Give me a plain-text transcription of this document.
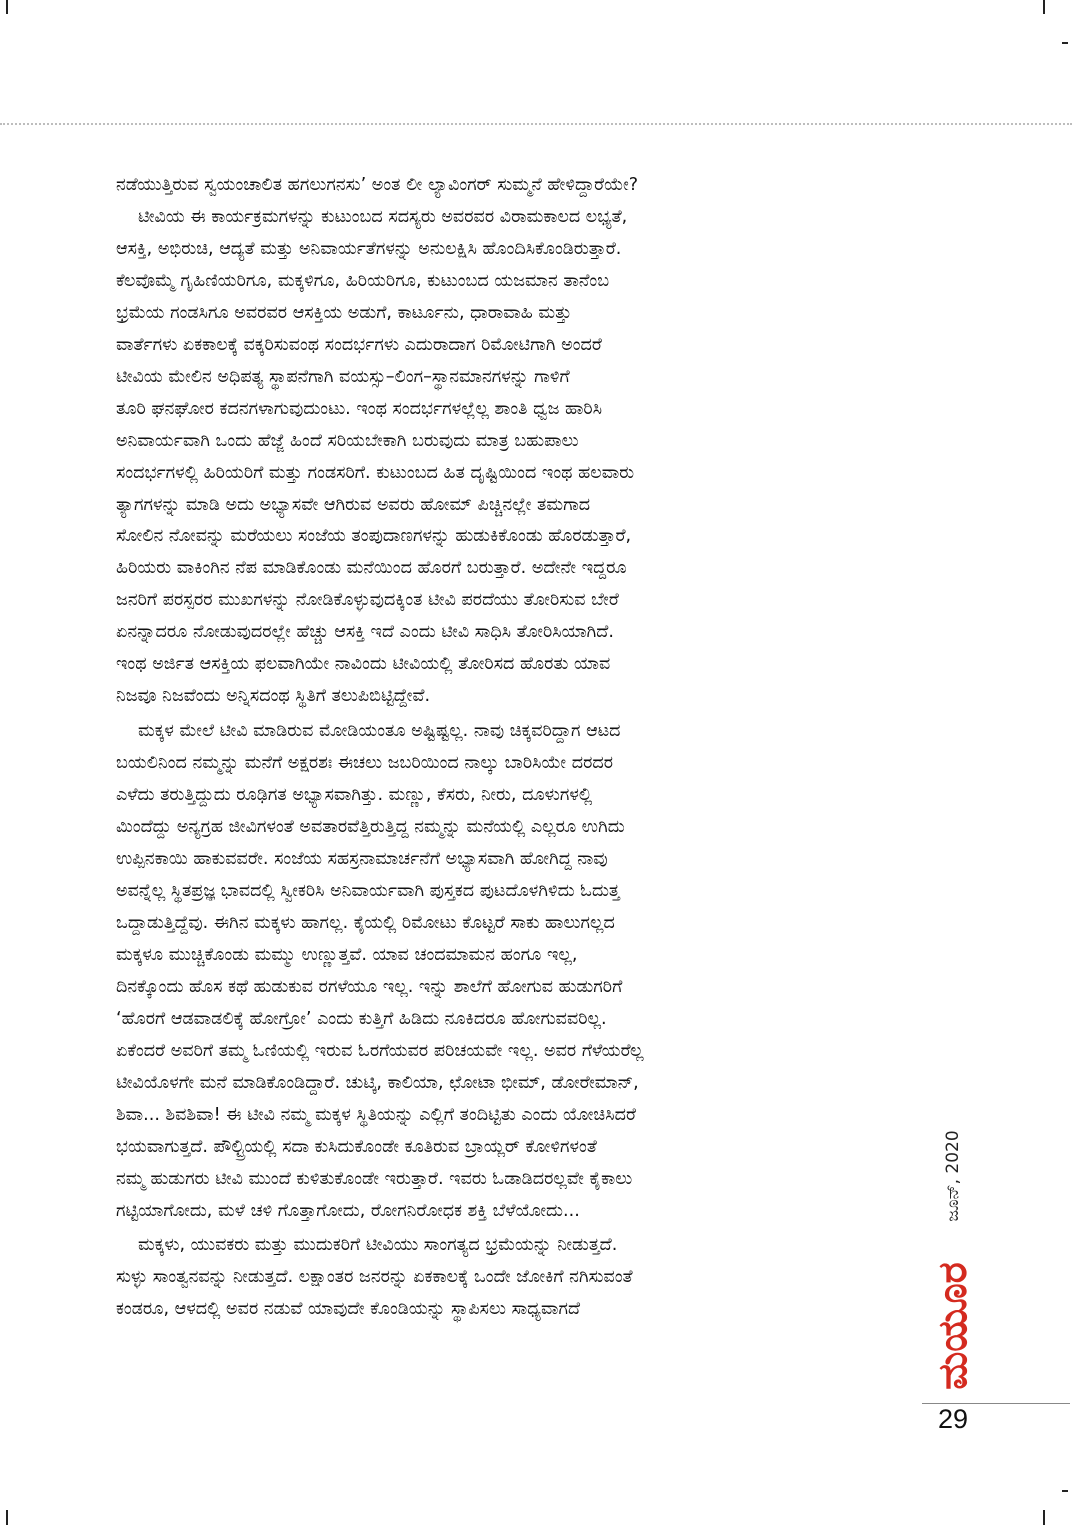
ನಡೆಯುತ್ತಿರುವ ಸ್ವಯಂಚಾಲಿತ ಹಗಲುಗನಸು’ ಅಂತ ಲೀ ಲ್ಯಾವಿಂಗರ್ ಸುಮ್ಮನೆ ಹೇಳಿದ್ದಾರೆಯೇ?
ಟೀವಿಯ ಈ ಕಾರ್ಯಕ್ರಮಗಳನ್ನು ಕುಟುಂಬದ ಸದಸ್ಯರು ಅವರವರ ವಿರಾಮಕಾಲದ ಲಭ್ಯತೆ,
ಆಸಕ್ತಿ, ಅಭಿರುಚಿ, ಆದ್ಯತೆ ಮತ್ತು ಅನಿವಾರ್ಯತೆಗಳನ್ನು ಅನುಲಕ್ಷಿಸಿ ಹೊಂದಿಸಿಕೊಂಡಿರುತ್ತಾರೆ.
ಕೆಲವೊಮ್ಮೆ ಗೃಹಿಣಿಯರಿಗೂ, ಮಕ್ಕಳಿಗೂ, ಹಿರಿಯರಿಗೂ, ಕುಟುಂಬದ ಯಜಮಾನ ತಾನೆಂಬ
ಭ್ರಮೆಯ ಗಂಡಸಿಗೂ ಅವರವರ ಆಸಕ್ತಿಯ ಅಡುಗೆ, ಕಾರ್ಟೂನು, ಧಾರಾವಾಹಿ ಮತ್ತು
ವಾರ್ತೆಗಳು ಏಕಕಾಲಕ್ಕೆ ವಕ್ಕರಿಸುವಂಥ ಸಂದರ್ಭಗಳು ಎದುರಾದಾಗ ರಿಮೋಟಿಗಾಗಿ ಅಂದರೆ
ಟೀವಿಯ ಮೇಲಿನ ಅಧಿಪತ್ಯ ಸ್ಥಾಪನೆಗಾಗಿ ವಯಸ್ಸು–ಲಿಂಗ–ಸ್ಥಾನಮಾನಗಳನ್ನು ಗಾಳಿಗೆ
ತೂರಿ ಘನಘೋರ ಕದನಗಳಾಗುವುದುಂಟು. ಇಂಥ ಸಂದರ್ಭಗಳಲ್ಲೆಲ್ಲ ಶಾಂತಿ ಧ್ವಜ ಹಾರಿಸಿ
ಅನಿವಾರ್ಯವಾಗಿ ಒಂದು ಹೆಜ್ಜೆ ಹಿಂದೆ ಸರಿಯಬೇಕಾಗಿ ಬರುವುದು ಮಾತ್ರ ಬಹುಪಾಲು
ಸಂದರ್ಭಗಳಲ್ಲಿ ಹಿರಿಯರಿಗೆ ಮತ್ತು ಗಂಡಸರಿಗೆ. ಕುಟುಂಬದ ಹಿತ ದೃಷ್ಟಿಯಿಂದ ಇಂಥ ಹಲವಾರು
ತ್ಯಾಗಗಳನ್ನು ಮಾಡಿ ಅದು ಅಭ್ಯಾಸವೇ ಆಗಿರುವ ಅವರು ಹೋಮ್ ಪಿಚ್ಚಿನಲ್ಲೇ ತಮಗಾದ
ಸೋಲಿನ ನೋವನ್ನು ಮರೆಯಲು ಸಂಜೆಯ ತಂಪುದಾಣಗಳನ್ನು ಹುಡುಕಿಕೊಂಡು ಹೊರಡುತ್ತಾರೆ,
ಹಿರಿಯರು ವಾಕಿಂಗಿನ ನೆಪ ಮಾಡಿಕೊಂಡು ಮನೆಯಿಂದ ಹೊರಗೆ ಬರುತ್ತಾರೆ. ಅದೇನೇ ಇದ್ದರೂ
ಜನರಿಗೆ ಪರಸ್ಪರರ ಮುಖಗಳನ್ನು ನೋಡಿಕೊಳ್ಳುವುದಕ್ಕಿಂತ ಟೀವಿ ಪರದೆಯು ತೋರಿಸುವ ಬೇರೆ
ಏನನ್ನಾದರೂ ನೋಡುವುದರಲ್ಲೇ ಹೆಚ್ಚು ಆಸಕ್ತಿ ಇದೆ ಎಂದು ಟೀವಿ ಸಾಧಿಸಿ ತೋರಿಸಿಯಾಗಿದೆ.
ಇಂಥ ಅರ್ಜಿತ ಆಸಕ್ತಿಯ ಫಲವಾಗಿಯೇ ನಾವಿಂದು ಟೀವಿಯಲ್ಲಿ ತೋರಿಸದ ಹೊರತು ಯಾವ
ನಿಜವೂ ನಿಜವೆಂದು ಅನ್ನಿಸದಂಥ ಸ್ಥಿತಿಗೆ ತಲುಪಿಬಿಟ್ಟಿದ್ದೇವೆ.
ಮಕ್ಕಳ ಮೇಲೆ ಟೀವಿ ಮಾಡಿರುವ ಮೋಡಿಯಂತೂ ಅಷ್ಟಿಷ್ಟಲ್ಲ. ನಾವು ಚಿಕ್ಕವರಿದ್ದಾಗ ಆಟದ
ಬಯಲಿನಿಂದ ನಮ್ಮನ್ನು ಮನೆಗೆ ಅಕ್ಷರಶಃ ಈಚಲು ಜಬರಿಯಿಂದ ನಾಲ್ಕು ಬಾರಿಸಿಯೇ ದರದರ
ಎಳೆದು ತರುತ್ತಿದ್ದುದು ರೂಢಿಗತ ಅಭ್ಯಾಸವಾಗಿತ್ತು. ಮಣ್ಣು, ಕೆಸರು, ನೀರು, ದೂಳುಗಳಲ್ಲಿ
ಮಿಂದೆದ್ದು ಅನ್ಯಗ್ರಹ ಜೀವಿಗಳಂತೆ ಅವತಾರವೆತ್ತಿರುತ್ತಿದ್ದ ನಮ್ಮನ್ನು ಮನೆಯಲ್ಲಿ ಎಲ್ಲರೂ ಉಗಿದು
ಉಪ್ಪಿನಕಾಯಿ ಹಾಕುವವರೇ. ಸಂಜೆಯ ಸಹಸ್ರನಾಮಾರ್ಚನೆಗೆ ಅಭ್ಯಾಸವಾಗಿ ಹೋಗಿದ್ದ ನಾವು
ಅವನ್ನೆಲ್ಲ ಸ್ಥಿತಪ್ರಜ್ಞ ಭಾವದಲ್ಲಿ ಸ್ವೀಕರಿಸಿ ಅನಿವಾರ್ಯವಾಗಿ ಪುಸ್ತಕದ ಪುಟದೊಳಗಿಳಿದು ಓದುತ್ತ
ಒದ್ದಾಡುತ್ತಿದ್ದೆವು. ಈಗಿನ ಮಕ್ಕಳು ಹಾಗಲ್ಲ. ಕೈಯಲ್ಲಿ ರಿಮೋಟು ಕೊಟ್ಟರೆ ಸಾಕು ಹಾಲುಗಲ್ಲದ
ಮಕ್ಕಳೂ ಮುಚ್ಚಿಕೊಂಡು ಮಮ್ಮು ಉಣ್ಣುತ್ತವೆ. ಯಾವ ಚಂದಮಾಮನ ಹಂಗೂ ಇಲ್ಲ,
ದಿನಕ್ಕೊಂದು ಹೊಸ ಕಥೆ ಹುಡುಕುವ ರಗಳೆಯೂ ಇಲ್ಲ. ಇನ್ನು ಶಾಲೆಗೆ ಹೋಗುವ ಹುಡುಗರಿಗೆ
‘ಹೊರಗೆ ಆಡವಾಡಲಿಕ್ಕೆ ಹೋಗ್ರೋ’ ಎಂದು ಕುತ್ತಿಗೆ ಹಿಡಿದು ನೂಕಿದರೂ ಹೋಗುವವರಿಲ್ಲ.
ಏಕೆಂದರೆ ಅವರಿಗೆ ತಮ್ಮ ಓಣಿಯಲ್ಲಿ ಇರುವ ಓರಗೆಯವರ ಪರಿಚಯವೇ ಇಲ್ಲ. ಅವರ ಗೆಳೆಯರೆಲ್ಲ
ಟೀವಿಯೊಳಗೇ ಮನೆ ಮಾಡಿಕೊಂಡಿದ್ದಾರೆ. ಚುಟ್ಕಿ, ಕಾಲಿಯಾ, ಛೋಟಾ ಭೀಮ್, ಡೋರೇಮಾನ್,
ಶಿವಾ... ಶಿವಶಿವಾ! ಈ ಟೀವಿ ನಮ್ಮ ಮಕ್ಕಳ ಸ್ಥಿತಿಯನ್ನು ಎಲ್ಲಿಗೆ ತಂದಿಟ್ಟಿತು ಎಂದು ಯೋಚಿಸಿದರೆ
ಭಯವಾಗುತ್ತದೆ. ಪೌಲ್ಟ್ರಿಯಲ್ಲಿ ಸದಾ ಕುಸಿದುಕೊಂಡೇ ಕೂತಿರುವ ಬ್ರಾಯ್ಲರ್ ಕೋಳಿಗಳಂತೆ
ನಮ್ಮ ಹುಡುಗರು ಟೀವಿ ಮುಂದೆ ಕುಳಿತುಕೊಂಡೇ ಇರುತ್ತಾರೆ. ಇವರು ಓಡಾಡಿದರಲ್ಲವೇ ಕೈಕಾಲು
ಗಟ್ಟಿಯಾಗೋದು, ಮಳೆ ಚಳಿ ಗೊತ್ತಾಗೋದು, ರೋಗನಿರೋಧಕ ಶಕ್ತಿ ಬೆಳೆಯೋದು...
ಮಕ್ಕಳು, ಯುವಕರು ಮತ್ತು ಮುದುಕರಿಗೆ ಟೀವಿಯು ಸಾಂಗತ್ಯದ ಭ್ರಮೆಯನ್ನು ನೀಡುತ್ತದೆ.
ಸುಳ್ಳು ಸಾಂತ್ವನವನ್ನು ನೀಡುತ್ತದೆ. ಲಕ್ಷಾಂತರ ಜನರನ್ನು ಏಕಕಾಲಕ್ಕೆ ಒಂದೇ ಜೋಕಿಗೆ ನಗಿಸುವಂತೆ
ಕಂಡರೂ, ಆಳದಲ್ಲಿ ಅವರ ನಡುವೆ ಯಾವುದೇ ಕೊಂಡಿಯನ್ನು ಸ್ಥಾಪಿಸಲು ಸಾಧ್ಯವಾಗದೆ
ಜೂನ್, 2020
ಮಯೂರ
29
